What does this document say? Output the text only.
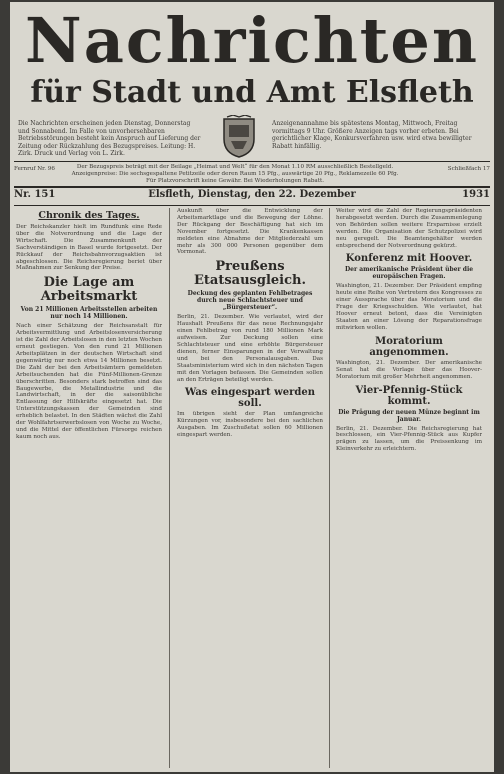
Nachrichten
für Stadt und Amt Elsfleth
Die Nachrichten erscheinen jeden Dienstag, Donnerstag und Sonnabend. Im Falle von unvorhersehbaren Betriebsstörungen besteht kein Anspruch auf Lieferung der Zeitung oder Rückzahlung des Bezugspreises. Leitung: H. Zirk. Druck und Verlag von L. Zirk.
Anzeigenannahme bis spätestens Montag, Mittwoch, Freitag vormittags 9 Uhr. Größere Anzeigen tags vorher erbeten. Bei gerichtlicher Klage, Konkursverfahren usw. wird etwa bewilligter Rabatt hinfällig.
Fernruf Nr. 96	Der Bezugspreis beträgt mit der Beilage „Heimat und Welt“ für den Monat 1.10 RM ausschließlich Bestellgeld. Anzeigenpreise: Die sechsgespaltene Petitzeile oder deren Raum 15 Pfg., auswärtige 20 Pfg., Reklamezeile 60 Pfg. Für Platzvorschrift keine Gewähr. Bei Wiederholungen Rabatt.
Schließfach 17
Nr. 151	Elsfleth, Dienstag, den 22. Dezember	1931
Chronik des Tages.

Der Reichskanzler hielt im Rundfunk eine Rede über die Notverordnung und die Lage der Wirtschaft. Die Zusammenkunft der Sachverständigen in Basel wurde fortgesetzt. Der Rückkauf der Reichsbahnvorzugsaktien ist abgeschlossen. Die Reichsregierung beriet über Maßnahmen zur Senkung der Preise.

Die Lage am Arbeitsmarkt
Von 21 Millionen Arbeitsstellen arbeiten nur noch 14 Millionen.

Nach einer Schätzung der Reichsanstalt für Arbeitsvermittlung und Arbeitslosenversicherung ist die Zahl der Arbeitslosen in den letzten Wochen erneut gestiegen. Von den rund 21 Millionen Arbeitsplätzen in der deutschen Wirtschaft sind gegenwärtig nur noch etwa 14 Millionen besetzt. Die Zahl der bei den Arbeitsämtern gemeldeten Arbeitsuchenden hat die Fünf-Millionen-Grenze überschritten. Besonders stark betroffen sind das Baugewerbe, die Metallindustrie und die Landwirtschaft, in der die saisonübliche Entlassung der Hilfskräfte eingesetzt hat. Die Unterstützungskassen der Gemeinden sind erheblich belastet. In den Städten wächst die Zahl der Wohlfahrtserwerbslosen von Woche zu Woche, und die Mittel der öffentlichen Fürsorge reichen kaum noch aus.

Auskunft über die Entwicklung der Arbeitsmarktlage und die Bewegung der Löhne. Der Rückgang der Beschäftigung hat sich im November fortgesetzt. Die Krankenkassen meldeten eine Abnahme der Mitgliederzahl um mehr als 300 000 Personen gegenüber dem Vormonat.

Preußens Etatsausgleich.
Deckung des geplanten Fehlbetrages durch neue Schlachtsteuer und „Bürgersteuer“.

Berlin, 21. Dezember. Wie verlautet, wird der Haushalt Preußens für das neue Rechnungsjahr einen Fehlbetrag von rund 180 Millionen Mark aufweisen. Zur Deckung sollen eine Schlachtsteuer und eine erhöhte Bürgersteuer dienen, ferner Einsparungen in der Verwaltung und bei den Personalausgaben. Das Staatsministerium wird sich in den nächsten Tagen mit den Vorlagen befassen. Die Gemeinden sollen an den Erträgen beteiligt werden.

Was eingespart werden soll.

Im übrigen sieht der Plan umfangreiche Kürzungen vor, insbesondere bei den sachlichen Ausgaben. Im Zuschußetat sollen 60 Millionen eingespart werden.

Weiter wird die Zahl der Regierungspräsidenten herabgesetzt werden. Durch die Zusammenlegung von Behörden sollen weitere Ersparnisse erzielt werden. Die Organisation der Schutzpolizei wird neu geregelt. Die Beamtengehälter werden entsprechend der Notverordnung gekürzt.

Konferenz mit Hoover.
Der amerikanische Präsident über die europäischen Fragen.

Washington, 21. Dezember. Der Präsident empfing heute eine Reihe von Vertretern des Kongresses zu einer Aussprache über das Moratorium und die Frage der Kriegsschulden. Wie verlautet, hat Hoover erneut betont, dass die Vereinigten Staaten an einer Lösung der Reparationsfrage mitwirken wollen.

Moratorium angenommen.

Washington, 21. Dezember. Der amerikanische Senat hat die Vorlage über das Hoover-Moratorium mit großer Mehrheit angenommen.

Vier-Pfennig-Stück kommt.
Die Prägung der neuen Münze beginnt im Januar.

Berlin, 21. Dezember. Die Reichsregierung hat beschlossen, ein Vier-Pfennig-Stück aus Kupfer prägen zu lassen, um die Preissenkung im Kleinverkehr zu erleichtern.
